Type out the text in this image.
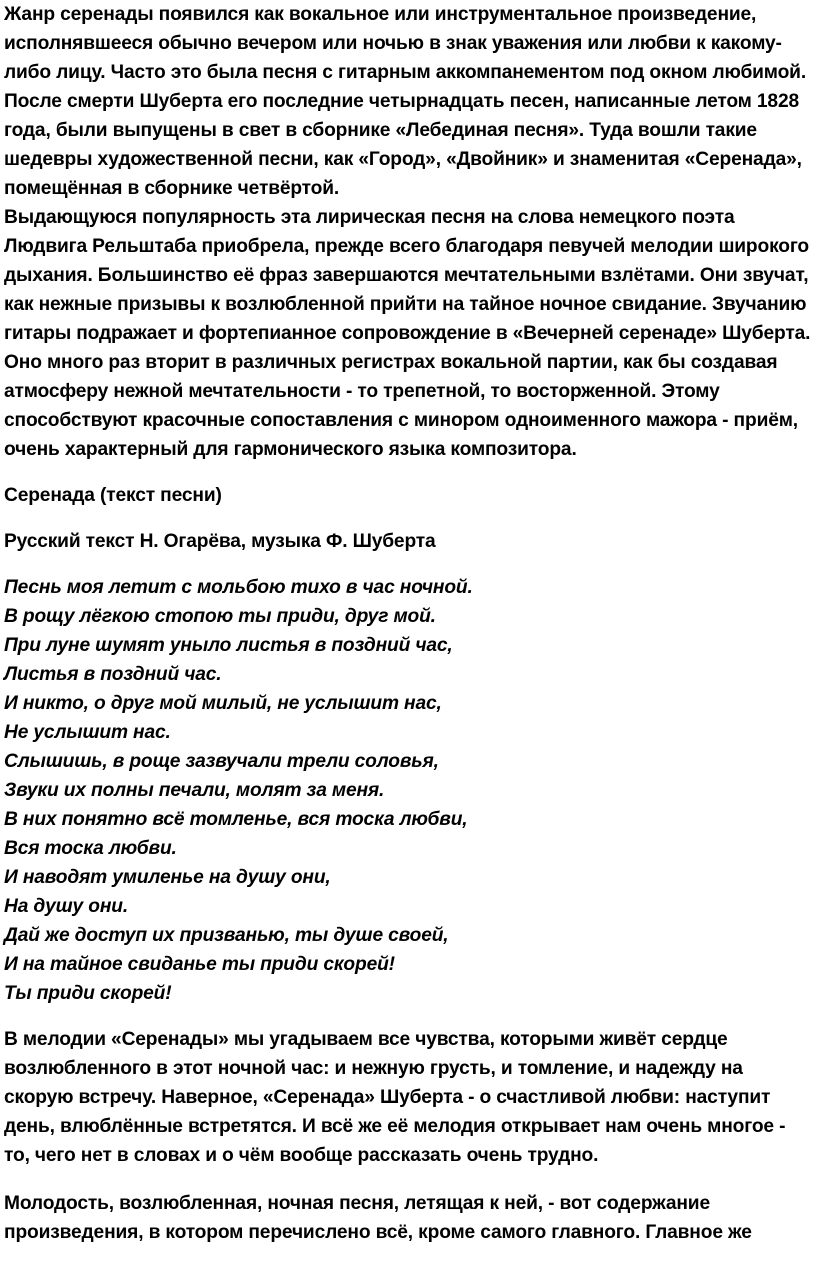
Жанр серенады появился как вокальное или инструментальное произведение, исполнявшееся обычно вечером или ночью в знак уважения или любви к какому-либо лицу. Часто это была песня с гитарным аккомпанементом под окном любимой.

После смерти Шуберта его последние четырнадцать песен, написанные летом 1828 года, были выпущены в свет в сборнике «Лебединая песня». Туда вошли такие шедевры художественной песни, как «Город», «Двойник» и знаменитая «Серенада», помещённая в сборнике четвёртой.

Выдающуюся популярность эта лирическая песня на слова немецкого поэта Людвига Рельштаба приобрела, прежде всего благодаря певучей мелодии широкого дыхания. Большинство её фраз завершаются мечтательными взлётами. Они звучат, как нежные призывы к возлюбленной прийти на тайное ночное свидание. Звучанию гитары подражает и фортепианное сопровождение в «Вечерней серенаде» Шуберта. Оно много раз вторит в различных регистрах вокальной партии, как бы создавая атмосферу нежной мечтательности - то трепетной, то восторженной. Этому способствуют красочные сопоставления с минором одноименного мажора - приём, очень характерный для гармонического языка композитора.

Серенада (текст песни)

Русский текст Н. Огарёва, музыка Ф. Шуберта

Песнь моя летит с мольбою тихо в час ночной.

В рощу лёгкою стопою ты приди, друг мой.

При луне шумят уныло листья в поздний час,

Листья в поздний час.

И никто, о друг мой милый, не услышит нас,

Не услышит нас.

Слышишь, в роще зазвучали трели соловья,

Звуки их полны печали, молят за меня.

В них понятно всё томленье, вся тоска любви,

Вся тоска любви.

И наводят умиленье на душу они,

На душу они.

Дай же доступ их призванью, ты душе своей,

И на тайное свиданье ты приди скорей!

Ты приди скорей!

В мелодии «Серенады» мы угадываем все чувства, которыми живёт сердце возлюбленного в этот ночной час: и нежную грусть, и томление, и надежду на скорую встречу. Наверное, «Серенада» Шуберта - о счастливой любви: наступит день, влюблённые встретятся. И всё же её мелодия открывает нам очень многое - то, чего нет в словах и о чём вообще рассказать очень трудно.

Молодость, возлюбленная, ночная песня, летящая к ней, - вот содержание произведения, в котором перечислено всё, кроме самого главного. Главное же
